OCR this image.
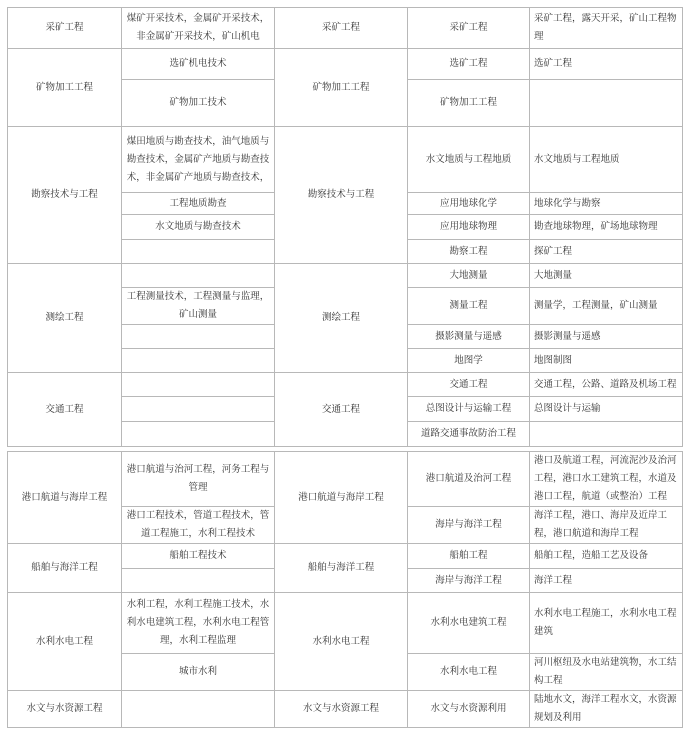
采矿工程	煤矿开采技术，金属矿开采技术，非金属矿开采技术，矿山机电	采矿工程	采矿工程	采矿工程，露天开采，矿山工程物理
矿物加工工程	选矿机电技术	矿物加工工程	选矿工程	选矿工程
	矿物加工技术		矿物加工工程	
勘察技术与工程	煤田地质与勘查技术，油气地质与勘查技术，金属矿产地质与勘查技术，非金属矿产地质与勘查技术，	勘察技术与工程	水文地质与工程地质	水文地质与工程地质
	工程地质勘查		应用地球化学	地球化学与勘察
	水文地质与勘查技术		应用地球物理	勘查地球物理，矿场地球物理
			勘察工程	探矿工程
测绘工程		测绘工程	大地测量	大地测量
	工程测量技术，工程测量与监理，矿山测量		测量工程	测量学，工程测量，矿山测量
			摄影测量与遥感	摄影测量与遥感
			地图学	地图制图
交通工程		交通工程	交通工程	交通工程，公路、道路及机场工程
			总图设计与运输工程	总图设计与运输
			道路交通事故防治工程	
港口航道与海岸工程	港口航道与治河工程，河务工程与管理	港口航道与海岸工程	港口航道及治河工程	港口及航道工程，河流泥沙及治河工程，港口水工建筑工程，水道及港口工程，航道（或整治）工程
	港口工程技术，管道工程技术，管道工程施工，水利工程技术		海岸与海洋工程	海洋工程，港口、海岸及近岸工程，港口航道和海岸工程
船舶与海洋工程	船舶工程技术	船舶与海洋工程	船舶工程	船舶工程，造船工艺及设备
			海岸与海洋工程	海洋工程
水利水电工程	水利工程，水利工程施工技术，水利水电建筑工程，水利水电工程管理，水利工程监理	水利水电工程	水利水电建筑工程	水利水电工程施工，水利水电工程建筑
	城市水利		水利水电工程	河川枢纽及水电站建筑物，水工结构工程
水文与水资源工程		水文与水资源工程	水文与水资源利用	陆地水文，海洋工程水文，水资源规划及利用
